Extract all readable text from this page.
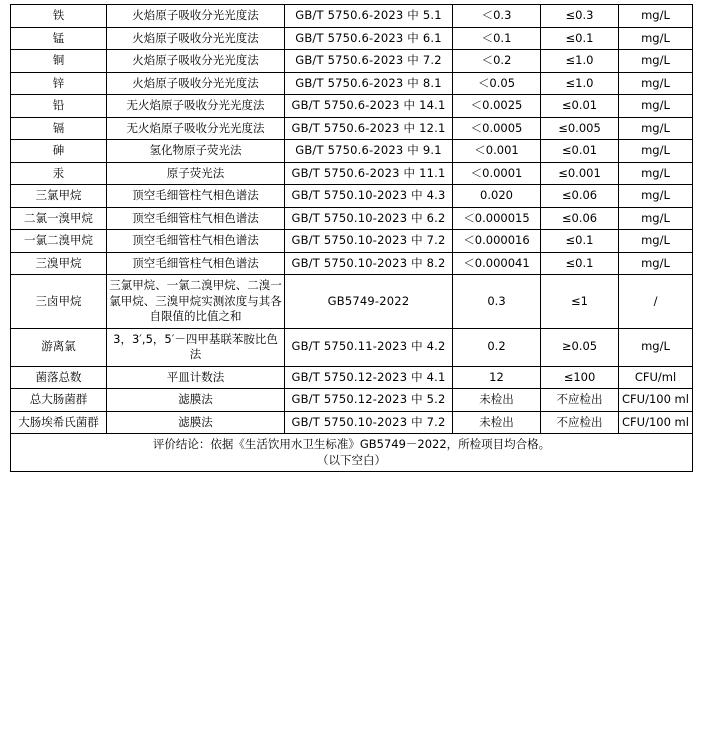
铁	火焰原子吸收分光光度法	GB/T 5750.6-2023 中 5.1	＜0.3	≤0.3	mg/L
锰	火焰原子吸收分光光度法	GB/T 5750.6-2023 中 6.1	＜0.1	≤0.1	mg/L
铜	火焰原子吸收分光光度法	GB/T 5750.6-2023 中 7.2	＜0.2	≤1.0	mg/L
锌	火焰原子吸收分光光度法	GB/T 5750.6-2023 中 8.1	＜0.05	≤1.0	mg/L
铅	无火焰原子吸收分光光度法	GB/T 5750.6-2023 中 14.1	＜0.0025	≤0.01	mg/L
镉	无火焰原子吸收分光光度法	GB/T 5750.6-2023 中 12.1	＜0.0005	≤0.005	mg/L
砷	氢化物原子荧光法	GB/T 5750.6-2023 中 9.1	＜0.001	≤0.01	mg/L
汞	原子荧光法	GB/T 5750.6-2023 中 11.1	＜0.0001	≤0.001	mg/L
三氯甲烷	顶空毛细管柱气相色谱法	GB/T 5750.10-2023 中 4.3	0.020	≤0.06	mg/L
二氯一溴甲烷	顶空毛细管柱气相色谱法	GB/T 5750.10-2023 中 6.2	＜0.000015	≤0.06	mg/L
一氯二溴甲烷	顶空毛细管柱气相色谱法	GB/T 5750.10-2023 中 7.2	＜0.000016	≤0.1	mg/L
三溴甲烷	顶空毛细管柱气相色谱法	GB/T 5750.10-2023 中 8.2	＜0.000041	≤0.1	mg/L
三卤甲烷	三氯甲烷、一氯二溴甲烷、二溴一氯甲烷、三溴甲烷实测浓度与其各自限值的比值之和	GB5749-2022	0.3	≤1	/
游离氯	3，3′,5，5′－四甲基联苯胺比色法	GB/T 5750.11-2023 中 4.2	0.2	≥0.05	mg/L
菌落总数	平皿计数法	GB/T 5750.12-2023 中 4.1	12	≤100	CFU/ml
总大肠菌群	滤膜法	GB/T 5750.12-2023 中 5.2	未检出	不应检出	CFU/100 ml
大肠埃希氏菌群	滤膜法	GB/T 5750.10-2023 中 7.2	未检出	不应检出	CFU/100 ml

评价结论：依据《生活饮用水卫生标准》GB5749－2022，所检项目均合格。
（以下空白）					
